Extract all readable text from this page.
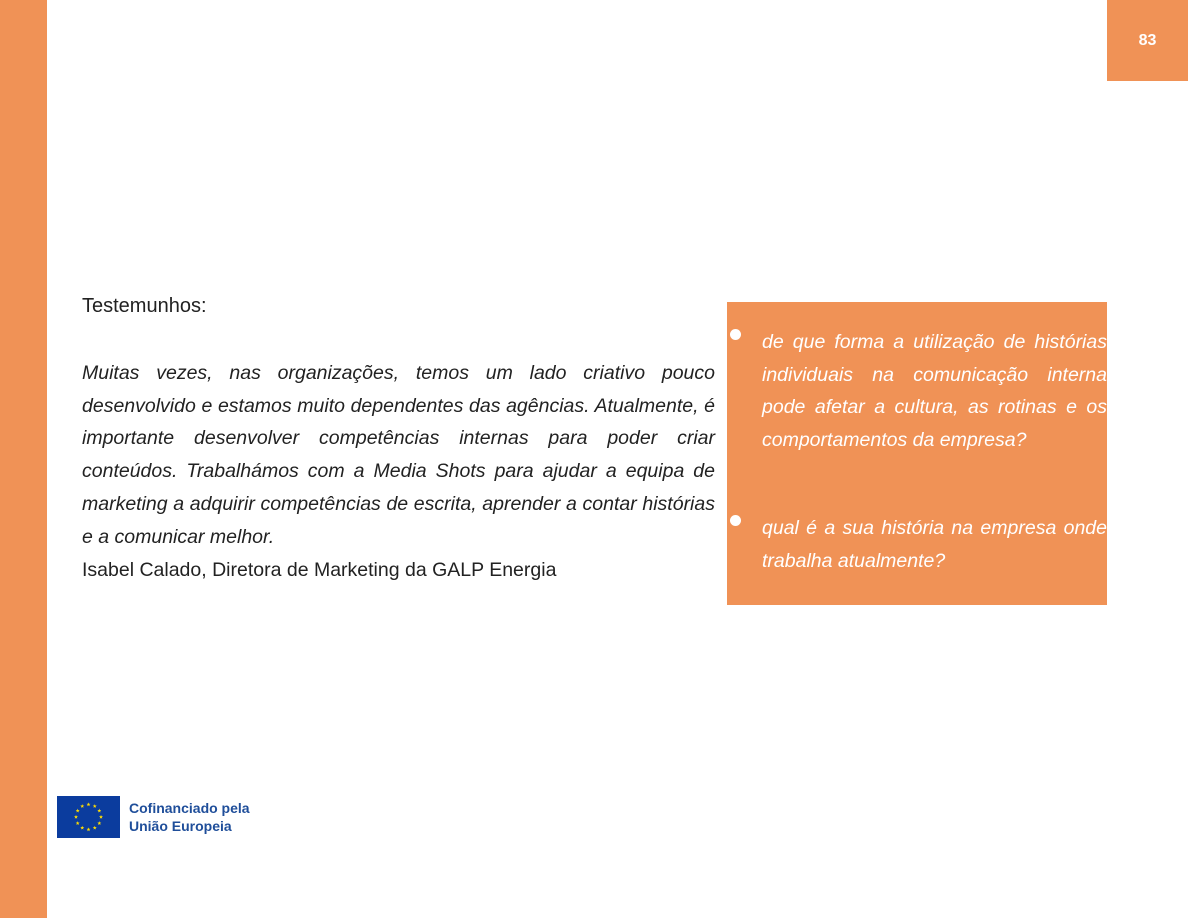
83
Testemunhos:

Muitas vezes, nas organizações, temos um lado criativo pouco desenvolvido e estamos muito dependentes das agências. Atualmente, é importante desenvolver competências internas para poder criar conteúdos. Trabalhámos com a Media Shots para ajudar a equipa de marketing a adquirir competências de escrita, aprender a contar histórias e a comunicar melhor.

Isabel Calado, Diretora de Marketing da GALP Energia

de que forma a utilização de histórias individuais na comunicação interna pode afetar a cultura, as rotinas e os comportamentos da empresa?
qual é a sua história na empresa onde trabalha atualmente?
Cofinanciado pela
União Europeia
